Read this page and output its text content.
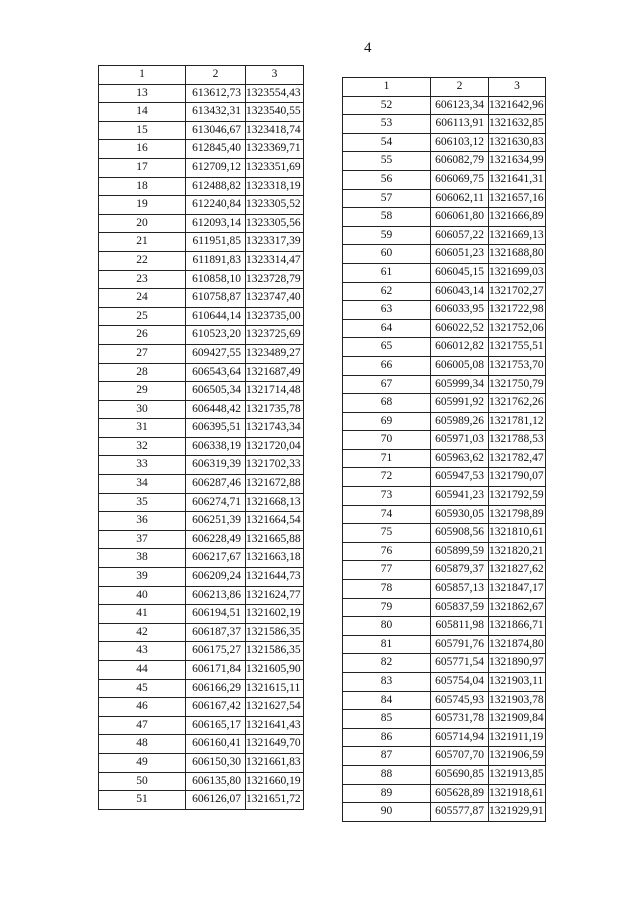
4
1	2	3
13	613612,73	1323554,43
14	613432,31	1323540,55
15	613046,67	1323418,74
16	612845,40	1323369,71
17	612709,12	1323351,69
18	612488,82	1323318,19
19	612240,84	1323305,52
20	612093,14	1323305,56
21	611951,85	1323317,39
22	611891,83	1323314,47
23	610858,10	1323728,79
24	610758,87	1323747,40
25	610644,14	1323735,00
26	610523,20	1323725,69
27	609427,55	1323489,27
28	606543,64	1321687,49
29	606505,34	1321714,48
30	606448,42	1321735,78
31	606395,51	1321743,34
32	606338,19	1321720,04
33	606319,39	1321702,33
34	606287,46	1321672,88
35	606274,71	1321668,13
36	606251,39	1321664,54
37	606228,49	1321665,88
38	606217,67	1321663,18
39	606209,24	1321644,73
40	606213,86	1321624,77
41	606194,51	1321602,19
42	606187,37	1321586,35
43	606175,27	1321586,35
44	606171,84	1321605,90
45	606166,29	1321615,11
46	606167,42	1321627,54
47	606165,17	1321641,43
48	606160,41	1321649,70
49	606150,30	1321661,83
50	606135,80	1321660,19
51	606126,07	1321651,72
1	2	3
52	606123,34	1321642,96
53	606113,91	1321632,85
54	606103,12	1321630,83
55	606082,79	1321634,99
56	606069,75	1321641,31
57	606062,11	1321657,16
58	606061,80	1321666,89
59	606057,22	1321669,13
60	606051,23	1321688,80
61	606045,15	1321699,03
62	606043,14	1321702,27
63	606033,95	1321722,98
64	606022,52	1321752,06
65	606012,82	1321755,51
66	606005,08	1321753,70
67	605999,34	1321750,79
68	605991,92	1321762,26
69	605989,26	1321781,12
70	605971,03	1321788,53
71	605963,62	1321782,47
72	605947,53	1321790,07
73	605941,23	1321792,59
74	605930,05	1321798,89
75	605908,56	1321810,61
76	605899,59	1321820,21
77	605879,37	1321827,62
78	605857,13	1321847,17
79	605837,59	1321862,67
80	605811,98	1321866,71
81	605791,76	1321874,80
82	605771,54	1321890,97
83	605754,04	1321903,11
84	605745,93	1321903,78
85	605731,78	1321909,84
86	605714,94	1321911,19
87	605707,70	1321906,59
88	605690,85	1321913,85
89	605628,89	1321918,61
90	605577,87	1321929,91
